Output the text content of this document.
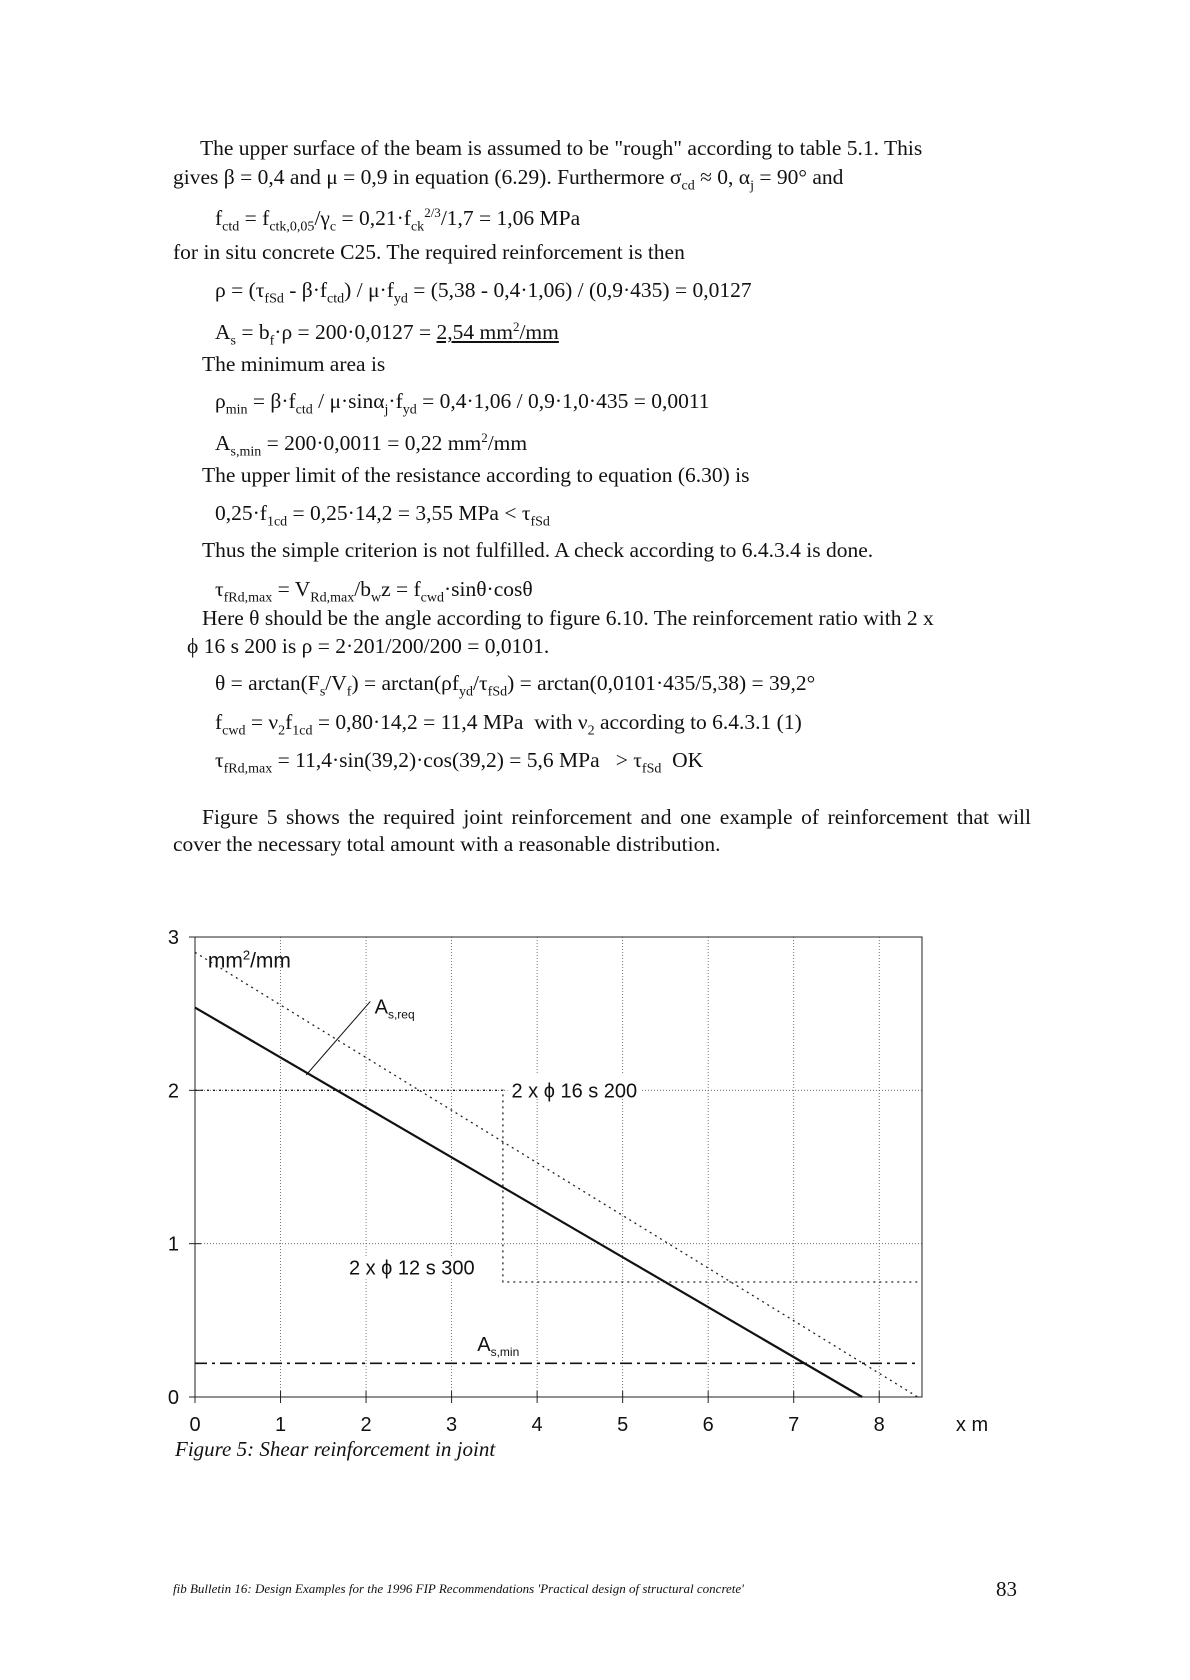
The upper surface of the beam is assumed to be "rough" according to table 5.1. This
gives β = 0,4 and μ = 0,9 in equation (6.29). Furthermore $\sigma_{cd} \approx 0$, $\alpha_j = 90^\circ$ and
$f_{ctd} = f_{ctk,0,05}/\gamma_c = 0,21\cdot f_{ck}^{2/3}/1,7 = 1,06$ MPa
for in situ concrete C25. The required reinforcement is then
$\rho = (\tau_{fSd} - \beta\cdot f_{ctd}) / \mu\cdot f_{yd} = (5,38 - 0,4\cdot 1,06) / (0,9\cdot 435) = 0,0127$
$A_s = b_f\cdot\rho = 200\cdot 0,0127 = 2,54$ $mm^2/mm$
The minimum area is
$\rho_{min} = \beta\cdot f_{ctd} / \mu\cdot\sin\alpha_j\cdot f_{yd} = 0,4\cdot 1,06 / 0,9\cdot 1,0\cdot 435 = 0,0011$
$A_{s,min} = 200\cdot 0,0011 = 0,22$ $mm^2/mm$
The upper limit of the resistance according to equation (6.30) is
$0,25\cdot f_{1cd} = 0,25\cdot 14,2 = 3,55$ MPa < $\tau_{fSd}$
Thus the simple criterion is not fulfilled. A check according to 6.4.3.4 is done.
$\tau_{fRd,max} = V_{Rd,max}/b_wz = f_{cwd}\cdot\sin\theta\cdot\cos\theta$
Here θ should be the angle according to figure 6.10. The reinforcement ratio with 2 x
ϕ 16 s 200 is ρ = 2·201/200/200 = 0,0101.
$\theta = \arctan(F_s/V_f) = \arctan(\rho f_{yd}/\tau_{fSd}) = \arctan(0,0101\cdot 435/5,38) = 39,2^\circ$
$f_{cwd} = \nu_2f_{1cd} = 0,80\cdot 14,2 = 11,4$ MPa  with $\nu_2$ according to 6.4.3.1 (1)
$\tau_{fRd,max} = 11,4\cdot\sin(39,2)\cdot\cos(39,2) = 5,6$ MPa   > $\tau_{fSd}$  OK
Figure 5 shows the required joint reinforcement and one example of reinforcement that will cover the necessary total amount with a reasonable distribution.
0	1	2	3	4	5	6	7	8
0
1
2
3
x m
$mm^2/mm$
$A_{s,req}$
2 x ϕ 16 s 200
2 x ϕ 12 s 300
$A_{s,min}$
Figure 5: Shear reinforcement in joint
fib Bulletin 16: Design Examples for the 1996 FIP Recommendations 'Practical design of structural concrete'	83
